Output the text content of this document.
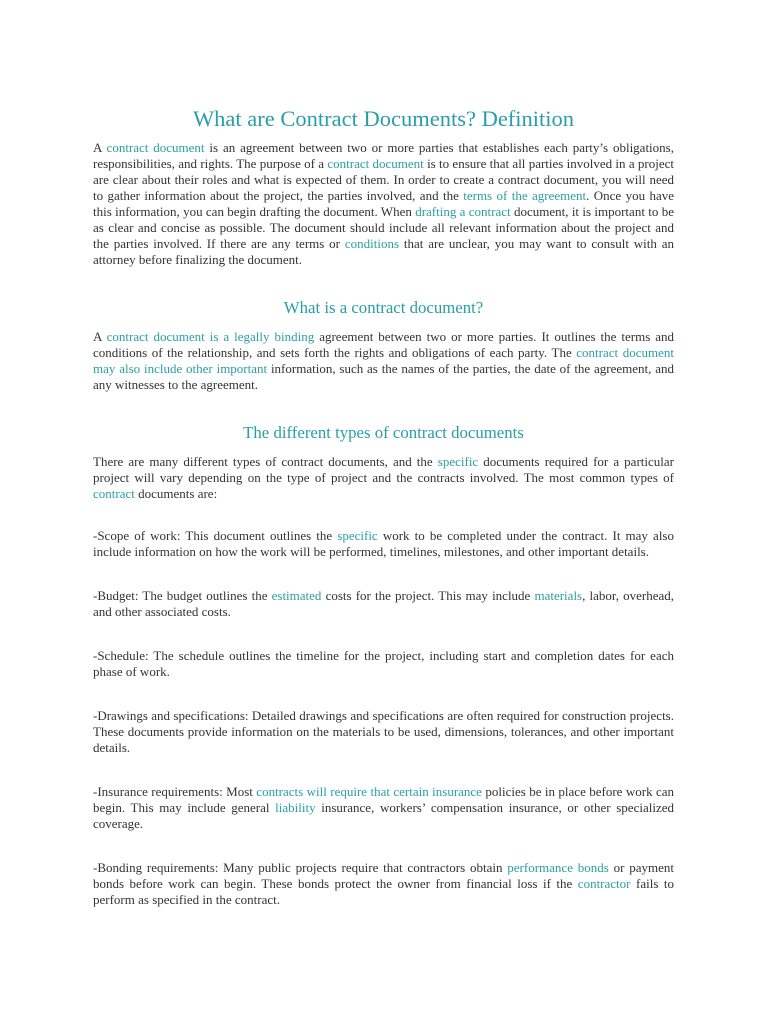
What are Contract Documents? Definition

A contract document is an agreement between two or more parties that establishes each party’s obligations, responsibilities, and rights. The purpose of a contract document is to ensure that all parties involved in a project are clear about their roles and what is expected of them. In order to create a contract document, you will need to gather information about the project, the parties involved, and the terms of the agreement. Once you have this information, you can begin drafting the document. When drafting a contract document, it is important to be as clear and concise as possible. The document should include all relevant information about the project and the parties involved. If there are any terms or conditions that are unclear, you may want to consult with an attorney before finalizing the document.

What is a contract document?

A contract document is a legally binding agreement between two or more parties. It outlines the terms and conditions of the relationship, and sets forth the rights and obligations of each party. The contract document may also include other important information, such as the names of the parties, the date of the agreement, and any witnesses to the agreement.

The different types of contract documents

There are many different types of contract documents, and the specific documents required for a particular project will vary depending on the type of project and the contracts involved. The most common types of contract documents are:

-Scope of work: This document outlines the specific work to be completed under the contract. It may also include information on how the work will be performed, timelines, milestones, and other important details.

-Budget: The budget outlines the estimated costs for the project. This may include materials, labor, overhead, and other associated costs.

-Schedule: The schedule outlines the timeline for the project, including start and completion dates for each phase of work.

-Drawings and specifications: Detailed drawings and specifications are often required for construction projects. These documents provide information on the materials to be used, dimensions, tolerances, and other important details.

-Insurance requirements: Most contracts will require that certain insurance policies be in place before work can begin. This may include general liability insurance, workers’ compensation insurance, or other specialized coverage.

-Bonding requirements: Many public projects require that contractors obtain performance bonds or payment bonds before work can begin. These bonds protect the owner from financial loss if the contractor fails to perform as specified in the contract.
